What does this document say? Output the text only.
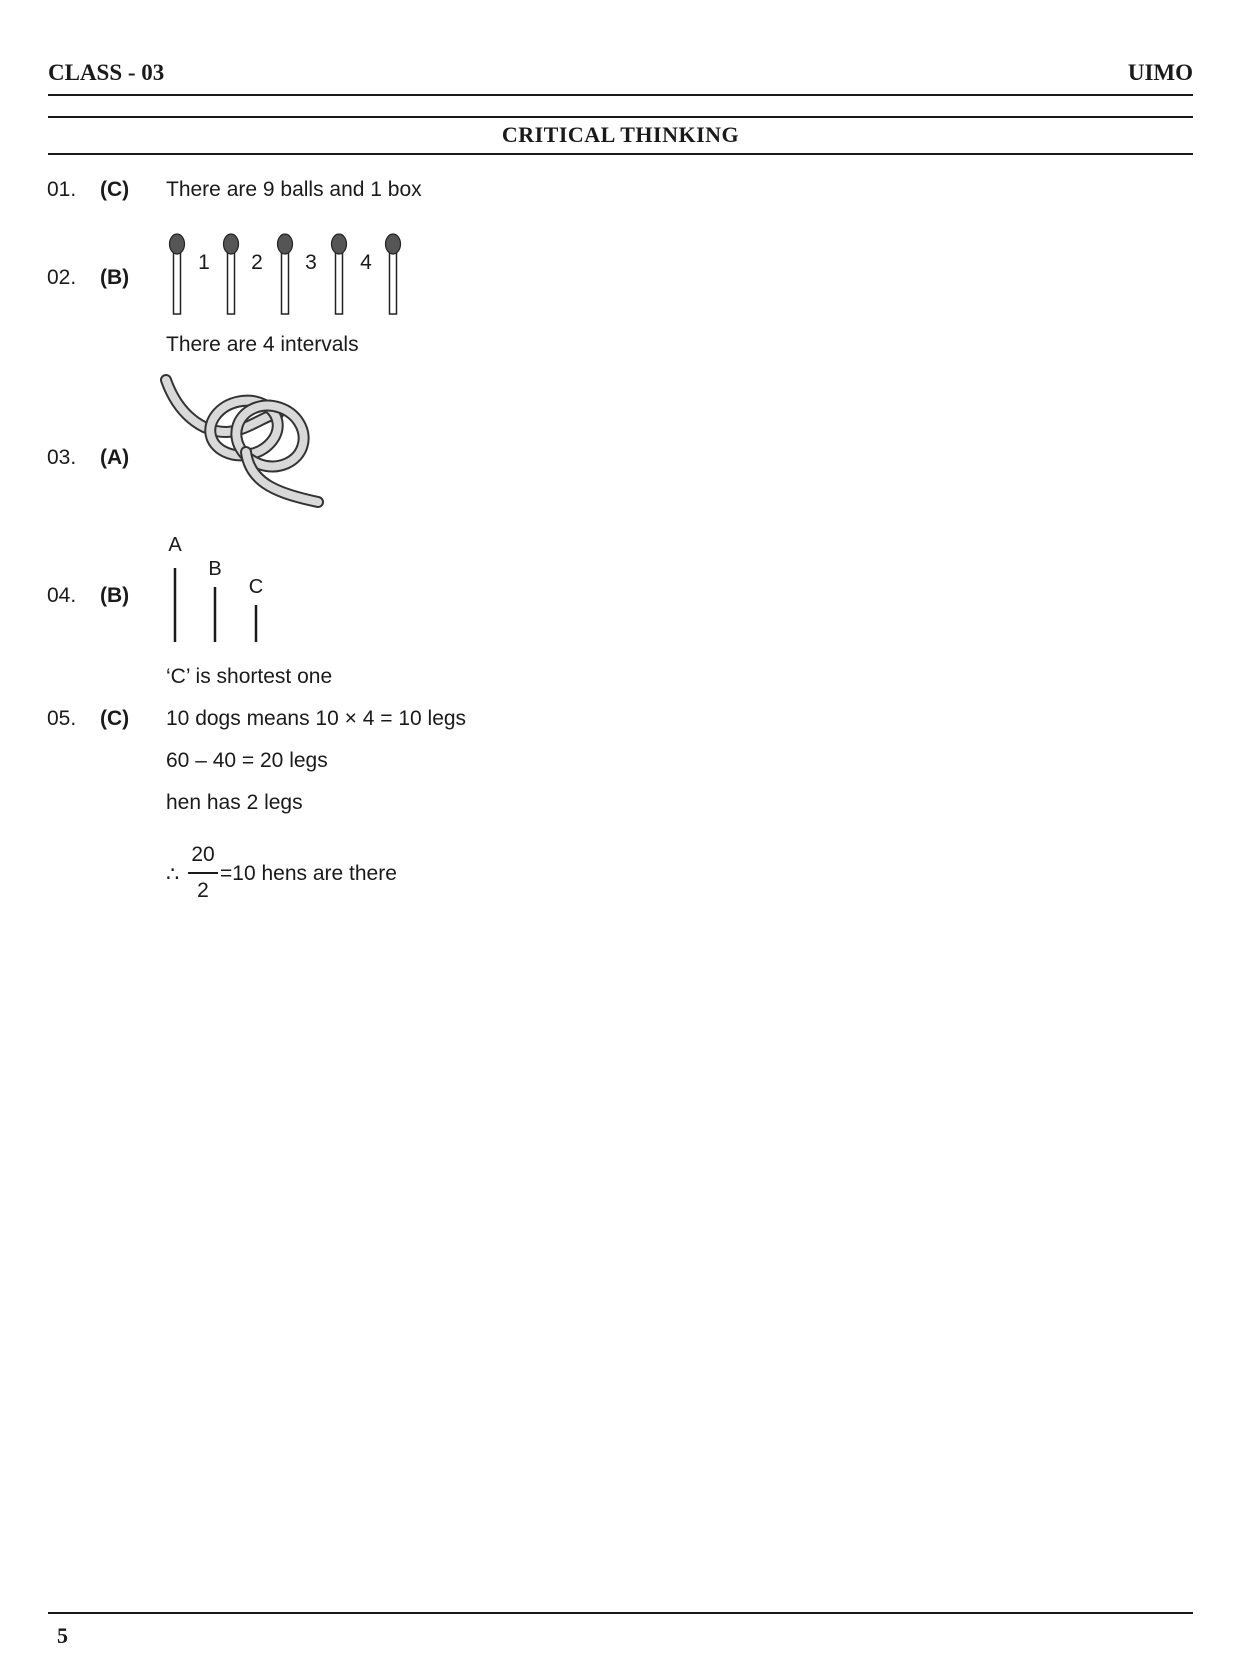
CLASS - 03	UIMO
CRITICAL THINKING
01. (C) There are 9 balls and 1 box
02. (B)
1 2 3 4
There are 4 intervals
03. (A)
04. (B)
A
B
C
‘C’ is shortest one
05. (C) 10 dogs means 10 × 4 = 10 legs
60 – 40 = 20 legs
hen has 2 legs
∴
20
2
=10 hens are there
5
